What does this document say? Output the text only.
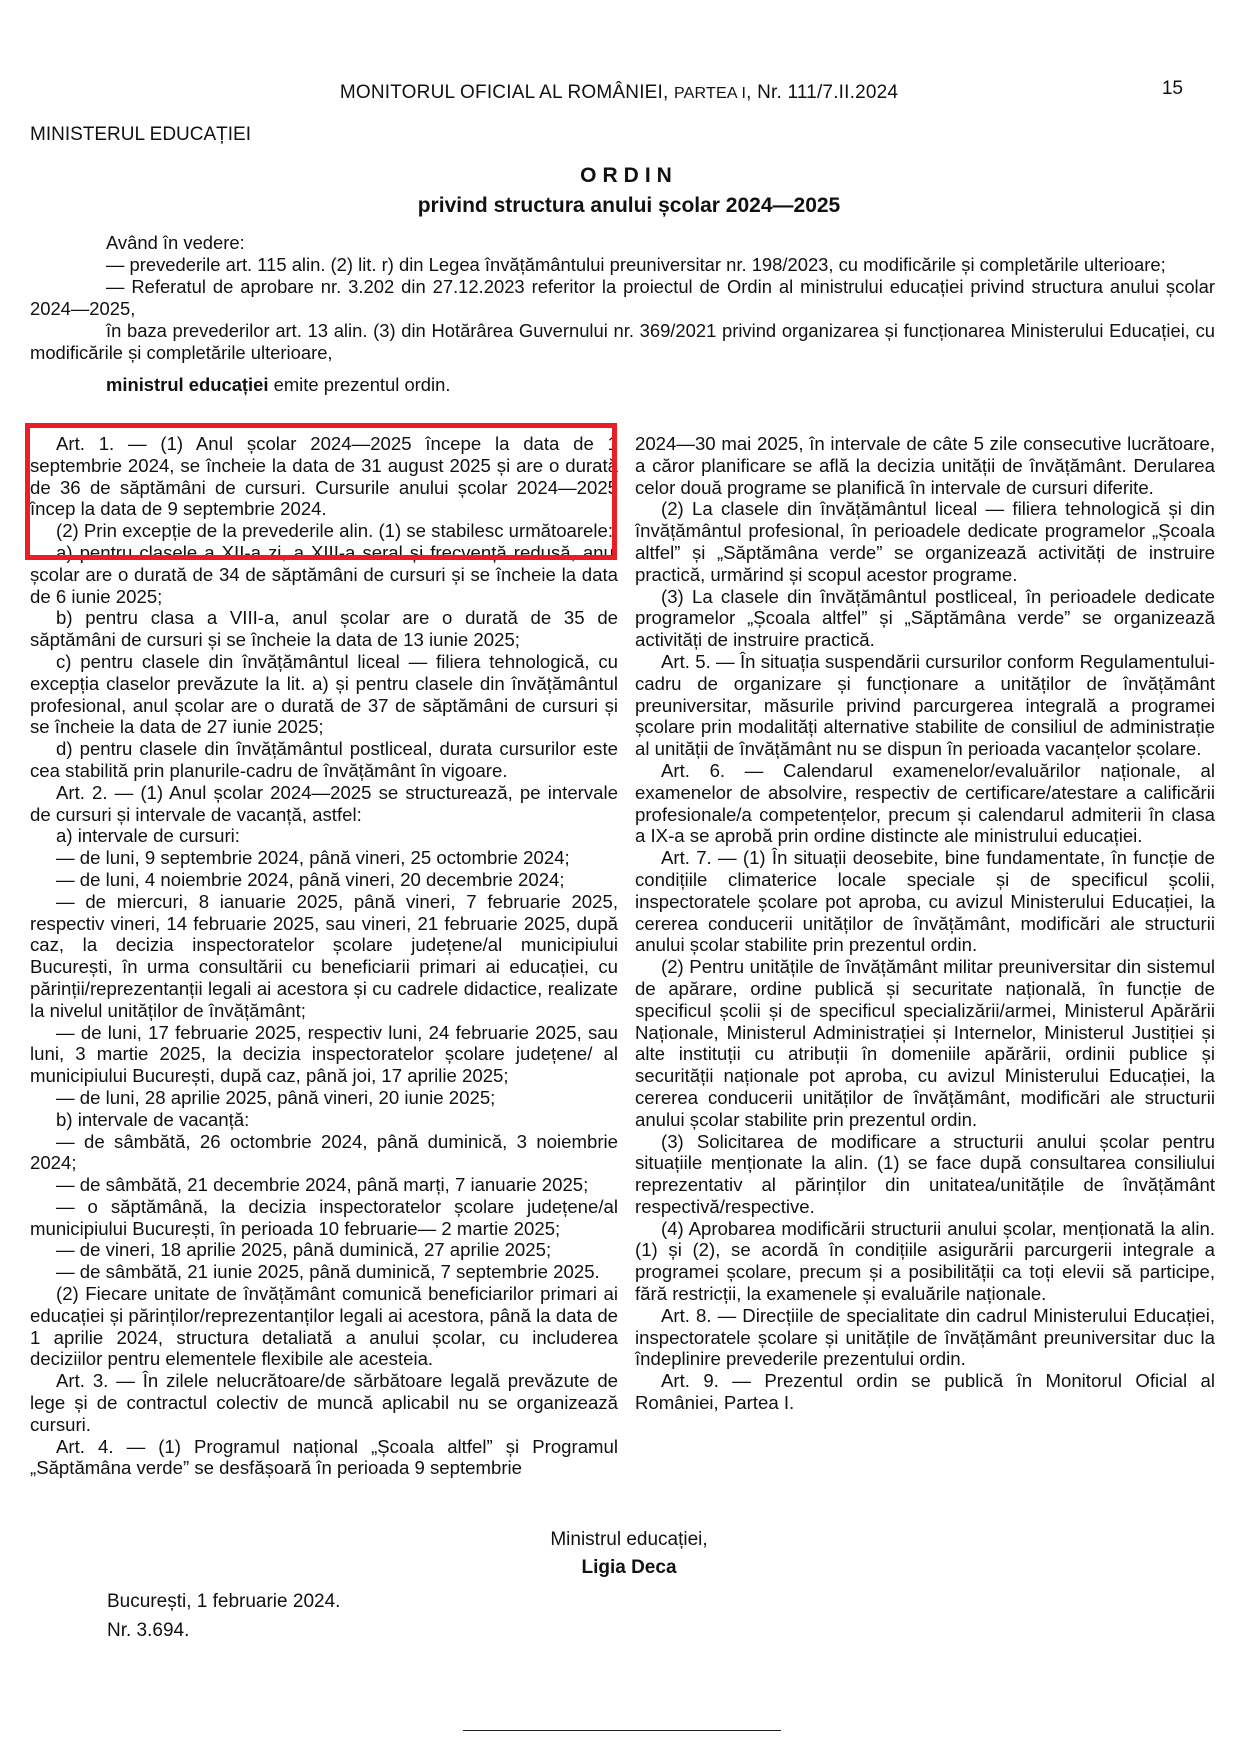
MONITORUL OFICIAL AL ROMÂNIEI, PARTEA I, Nr. 111/7.II.2024	15
MINISTERUL EDUCAȚIEI
ORDIN
privind structura anului școlar 2024—2025

Având în vedere:

— prevederile art. 115 alin. (2) lit. r) din Legea învățământului preuniversitar nr. 198/2023, cu modificările și completările ulterioare;

— Referatul de aprobare nr. 3.202 din 27.12.2023 referitor la proiectul de Ordin al ministrului educației privind structura anului școlar 2024—2025,

în baza prevederilor art. 13 alin. (3) din Hotărârea Guvernului nr. 369/2021 privind organizarea și funcționarea Ministerului Educației, cu modificările și completările ulterioare,

ministrul educației emite prezentul ordin.

Art. 1. — (1) Anul școlar 2024—2025 începe la data de 1 septembrie 2024, se încheie la data de 31 august 2025 și are o durată de 36 de săptămâni de cursuri. Cursurile anului școlar 2024—2025 încep la data de 9 septembrie 2024.

(2) Prin excepție de la prevederile alin. (1) se stabilesc următoarele:

a) pentru clasele a XII-a zi, a XIII-a seral și frecvență redusă, anul școlar are o durată de 34 de săptămâni de cursuri și se încheie la data de 6 iunie 2025;

b) pentru clasa a VIII-a, anul școlar are o durată de 35 de săptămâni de cursuri și se încheie la data de 13 iunie 2025;

c) pentru clasele din învățământul liceal — filiera tehnologică, cu excepția claselor prevăzute la lit. a) și pentru clasele din învățământul profesional, anul școlar are o durată de 37 de săptămâni de cursuri și se încheie la data de 27 iunie 2025;

d) pentru clasele din învățământul postliceal, durata cursurilor este cea stabilită prin planurile-cadru de învățământ în vigoare.

Art. 2. — (1) Anul școlar 2024—2025 se structurează, pe intervale de cursuri și intervale de vacanță, astfel:

a) intervale de cursuri:

— de luni, 9 septembrie 2024, până vineri, 25 octombrie 2024;

— de luni, 4 noiembrie 2024, până vineri, 20 decembrie 2024;

— de miercuri, 8 ianuarie 2025, până vineri, 7 februarie 2025, respectiv vineri, 14 februarie 2025, sau vineri, 21 februarie 2025, după caz, la decizia inspectoratelor școlare județene/al municipiului București, în urma consultării cu beneficiarii primari ai educației, cu părinții/reprezentanții legali ai acestora și cu cadrele didactice, realizate la nivelul unităților de învățământ;

— de luni, 17 februarie 2025, respectiv luni, 24 februarie 2025, sau luni, 3 martie 2025, la decizia inspectoratelor școlare județene/ al municipiului București, după caz, până joi, 17 aprilie 2025;

— de luni, 28 aprilie 2025, până vineri, 20 iunie 2025;

b) intervale de vacanță:

— de sâmbătă, 26 octombrie 2024, până duminică, 3 noiembrie 2024;

— de sâmbătă, 21 decembrie 2024, până marți, 7 ianuarie 2025;

— o săptămână, la decizia inspectoratelor școlare județene/al municipiului București, în perioada 10 februarie— 2 martie 2025;

— de vineri, 18 aprilie 2025, până duminică, 27 aprilie 2025;

— de sâmbătă, 21 iunie 2025, până duminică, 7 septembrie 2025.

(2) Fiecare unitate de învățământ comunică beneficiarilor primari ai educației și părinților/reprezentanților legali ai acestora, până la data de 1 aprilie 2024, structura detaliată a anului școlar, cu includerea deciziilor pentru elementele flexibile ale acesteia.

Art. 3. — În zilele nelucrătoare/de sărbătoare legală prevăzute de lege și de contractul colectiv de muncă aplicabil nu se organizează cursuri.

Art. 4. — (1) Programul național „Școala altfel” și Programul „Săptămâna verde” se desfășoară în perioada 9 septembrie

2024—30 mai 2025, în intervale de câte 5 zile consecutive lucrătoare, a căror planificare se află la decizia unității de învățământ. Derularea celor două programe se planifică în intervale de cursuri diferite.

(2) La clasele din învățământul liceal — filiera tehnologică și din învățământul profesional, în perioadele dedicate programelor „Școala altfel” și „Săptămâna verde” se organizează activități de instruire practică, urmărind și scopul acestor programe.

(3) La clasele din învățământul postliceal, în perioadele dedicate programelor „Școala altfel” și „Săptămâna verde” se organizează activități de instruire practică.

Art. 5. — În situația suspendării cursurilor conform Regulamentului-cadru de organizare și funcționare a unităților de învățământ preuniversitar, măsurile privind parcurgerea integrală a programei școlare prin modalități alternative stabilite de consiliul de administrație al unității de învățământ nu se dispun în perioada vacanțelor școlare.

Art. 6. — Calendarul examenelor/evaluărilor naționale, al examenelor de absolvire, respectiv de certificare/atestare a calificării profesionale/a competențelor, precum și calendarul admiterii în clasa a IX-a se aprobă prin ordine distincte ale ministrului educației.

Art. 7. — (1) În situații deosebite, bine fundamentate, în funcție de condițiile climaterice locale speciale și de specificul școlii, inspectoratele școlare pot aproba, cu avizul Ministerului Educației, la cererea conducerii unităților de învățământ, modificări ale structurii anului școlar stabilite prin prezentul ordin.

(2) Pentru unitățile de învățământ militar preuniversitar din sistemul de apărare, ordine publică și securitate națională, în funcție de specificul școlii și de specificul specializării/armei, Ministerul Apărării Naționale, Ministerul Administrației și Internelor, Ministerul Justiției și alte instituții cu atribuții în domeniile apărării, ordinii publice și securității naționale pot aproba, cu avizul Ministerului Educației, la cererea conducerii unităților de învățământ, modificări ale structurii anului școlar stabilite prin prezentul ordin.

(3) Solicitarea de modificare a structurii anului școlar pentru situațiile menționate la alin. (1) se face după consultarea consiliului reprezentativ al părinților din unitatea/unitățile de învățământ respectivă/respective.

(4) Aprobarea modificării structurii anului școlar, menționată la alin. (1) și (2), se acordă în condițiile asigurării parcurgerii integrale a programei școlare, precum și a posibilității ca toți elevii să participe, fără restricții, la examenele și evaluările naționale.

Art. 8. — Direcțiile de specialitate din cadrul Ministerului Educației, inspectoratele școlare și unitățile de învățământ preuniversitar duc la îndeplinire prevederile prezentului ordin.

Art. 9. — Prezentul ordin se publică în Monitorul Oficial al României, Partea I.

Ministrul educației,
Ligia Deca
București, 1 februarie 2024.
Nr. 3.694.
